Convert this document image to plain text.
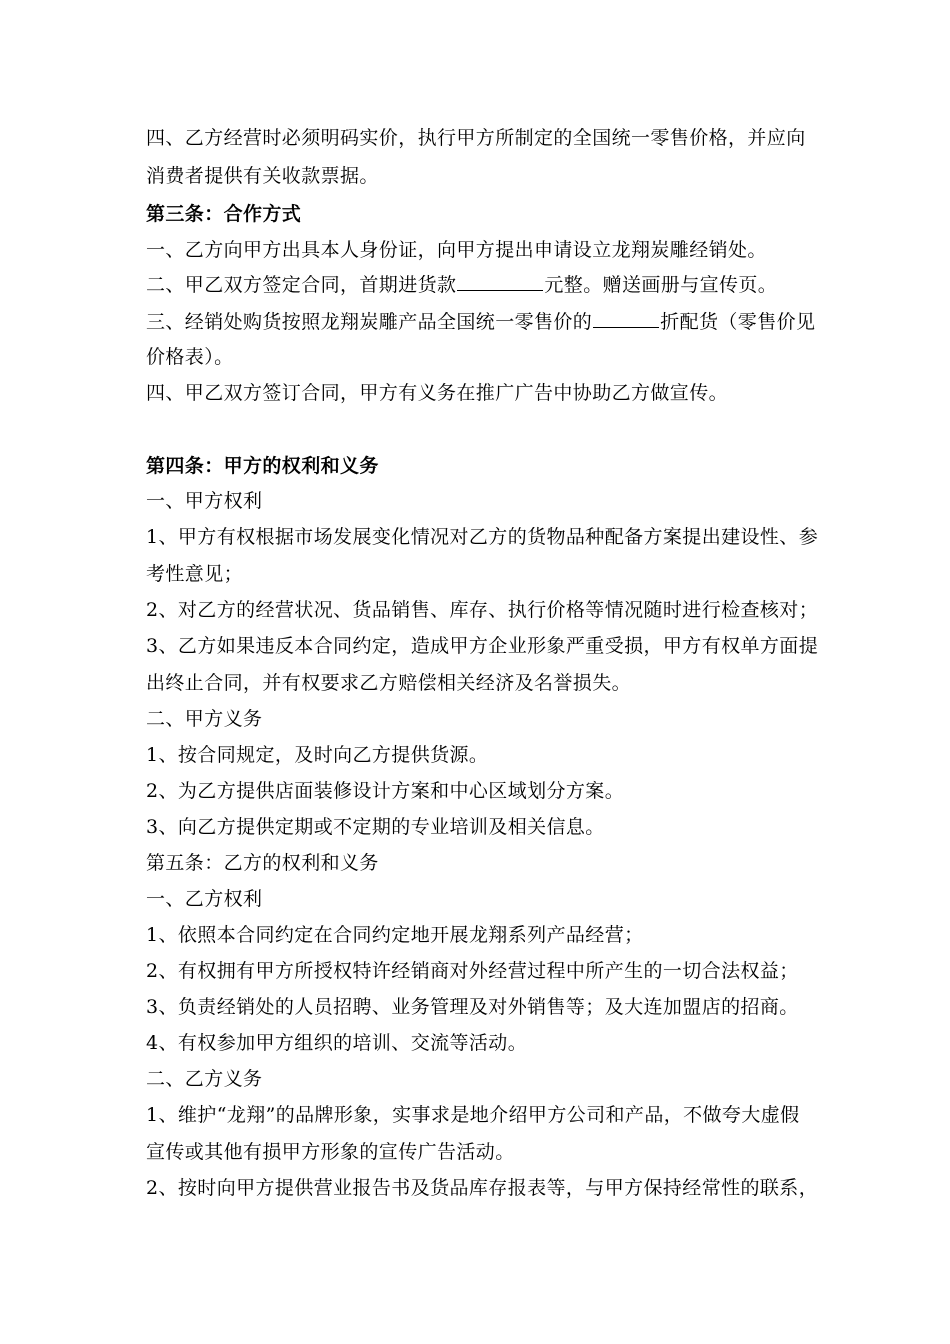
四、乙方经营时必须明码实价，执行甲方所制定的全国统一零售价格，并应向
消费者提供有关收款票据。
第三条：合作方式
一、乙方向甲方出具本人身份证，向甲方提出申请设立龙翔炭雕经销处。
二、甲乙双方签定合同，首期进货款	元整。赠送画册与宣传页。
三、经销处购货按照龙翔炭雕产品全国统一零售价的	折配货（零售价见
价格表）。
四、甲乙双方签订合同，甲方有义务在推广广告中协助乙方做宣传。
第四条：甲方的权利和义务
一、甲方权利
1、甲方有权根据市场发展变化情况对乙方的货物品种配备方案提出建设性、参
考性意见；
2、对乙方的经营状况、货品销售、库存、执行价格等情况随时进行检查核对；
3、乙方如果违反本合同约定，造成甲方企业形象严重受损，甲方有权单方面提
出终止合同，并有权要求乙方赔偿相关经济及名誉损失。
二、甲方义务
1、按合同规定，及时向乙方提供货源。
2、为乙方提供店面装修设计方案和中心区域划分方案。
3、向乙方提供定期或不定期的专业培训及相关信息。
第五条：乙方的权利和义务
一、乙方权利
1、依照本合同约定在合同约定地开展龙翔系列产品经营；
2、有权拥有甲方所授权特许经销商对外经营过程中所产生的一切合法权益；
3、负责经销处的人员招聘、业务管理及对外销售等；及大连加盟店的招商。
4、有权参加甲方组织的培训、交流等活动。
二、乙方义务
1、维护“龙翔”的品牌形象，实事求是地介绍甲方公司和产品，不做夸大虚假
宣传或其他有损甲方形象的宣传广告活动。
2、按时向甲方提供营业报告书及货品库存报表等，与甲方保持经常性的联系，
